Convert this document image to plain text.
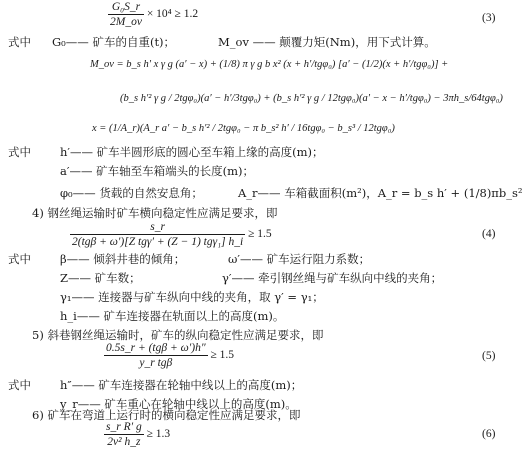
$\frac{\text{G₀S\_r}}{2M\_ov} \times 10^4 \ge 1.2$	(3)
式中 G₀—— 矿车的自重(t)；	M_ov —— 颠覆力矩(Nm)，用下式计算。
M_ov = b_s h′ x γ g (a′ − x) + (1/8) π γ g b x² (x + h′/tgφ₀) [a′ − (1/2)(x + h′/tgφ₀)] +
(b_s h′² γ g / 2tgφ₀)(a′ − h′/3tgφ₀) + (b_s h′² γ g / 12tgφ₀)(a′ − x − h′/tgφ₀) − 3πh_s/64tgφ₀)
x = (1/A_r)(A_r a′ − b_s h′² / 2tgφ₀ − π b_s² h′ / 16tgφ₀ − b_s³ / 12tgφ₀)
式中	h′—— 矿车半圆形底的圆心至车箱上缘的高度(m)；
a′—— 矿车轴至车箱端头的长度(m)；
φ₀—— 货载的自然安息角；	A_r—— 车箱截面积(m²)，A_r = b_s h′ + (1/8)πb_s²
4) 钢丝绳运输时矿车横向稳定性应满足要求，即
$\frac{s\_r}{\text{2(tgβ + ω′)[Z tgγ′ + (Z − 1) tgγ₁] h\_i}} \ge 1.5$	(4)
式中	β—— 倾斜井巷的倾角；	ω′—— 矿车运行阻力系数；
Z—— 矿车数；	γ′—— 牵引钢丝绳与矿车纵向中线的夹角；
γ₁—— 连接器与矿车纵向中线的夹角，取 γ′ = γ₁；
h_i—— 矿车连接器在轨面以上的高度(m)。
5) 斜巷钢丝绳运输时，矿车的纵向稳定性应满足要求，即
$\frac{\text{0.5s\_r + (tgβ + ω′)h″}}{\text{y\_r tgβ}} \ge 1.5$	(5)
式中	h″—— 矿车连接器在轮轴中线以上的高度(m)；
y_r—— 矿车重心在轮轴中线以上的高度(m)。
6) 矿车在弯道上运行时的横向稳定性应满足要求，即
$\frac{\text{s\_r R′ g}}{\text{2v² h\_z}} \ge 1.3$	(6)
